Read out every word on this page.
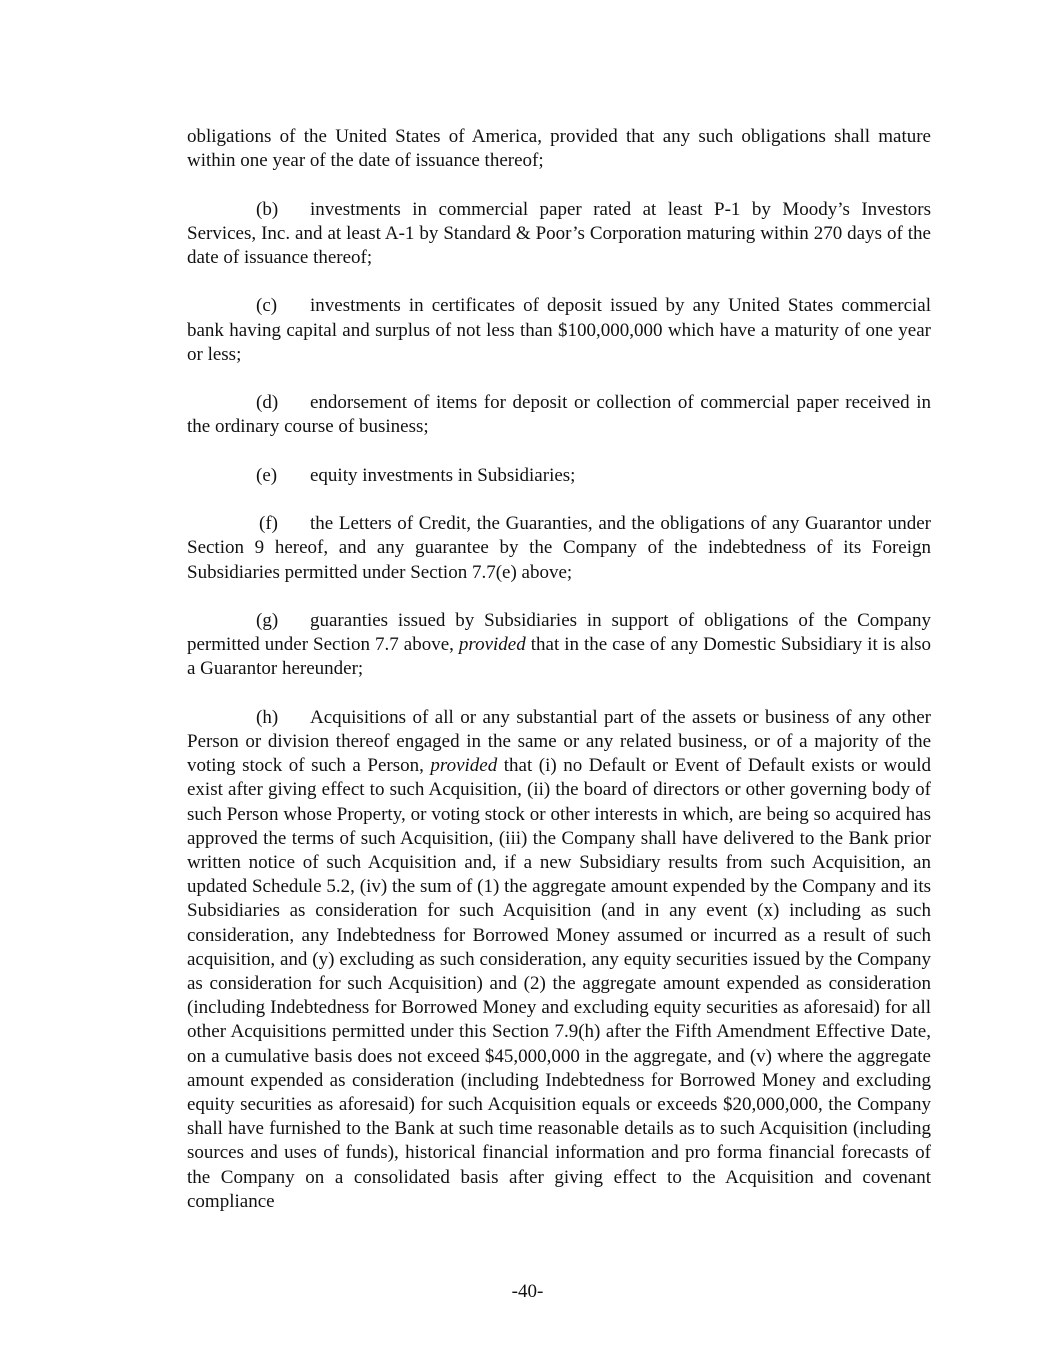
obligations of the United States of America, provided that any such obligations shall mature within one year of the date of issuance thereof;

(b) investments in commercial paper rated at least P-1 by Moody’s Investors Services, Inc. and at least A-1 by Standard & Poor’s Corporation maturing within 270 days of the date of issuance thereof;

(c) investments in certificates of deposit issued by any United States commercial bank having capital and surplus of not less than $100,000,000 which have a maturity of one year or less;

(d) endorsement of items for deposit or collection of commercial paper received in the ordinary course of business;

(e) equity investments in Subsidiaries;

(f) the Letters of Credit, the Guaranties, and the obligations of any Guarantor under Section 9 hereof, and any guarantee by the Company of the indebtedness of its Foreign Subsidiaries permitted under Section 7.7(e) above;

(g) guaranties issued by Subsidiaries in support of obligations of the Company permitted under Section 7.7 above, provided that in the case of any Domestic Subsidiary it is also a Guarantor hereunder;

(h) Acquisitions of all or any substantial part of the assets or business of any other Person or division thereof engaged in the same or any related business, or of a majority of the voting stock of such a Person, provided that (i) no Default or Event of Default exists or would exist after giving effect to such Acquisition, (ii) the board of directors or other governing body of such Person whose Property, or voting stock or other interests in which, are being so acquired has approved the terms of such Acquisition, (iii) the Company shall have delivered to the Bank prior written notice of such Acquisition and, if a new Subsidiary results from such Acquisition, an updated Schedule 5.2, (iv) the sum of (1) the aggregate amount expended by the Company and its Subsidiaries as consideration for such Acquisition (and in any event (x) including as such consideration, any Indebtedness for Borrowed Money assumed or incurred as a result of such acquisition, and (y) excluding as such consideration, any equity securities issued by the Company as consideration for such Acquisition) and (2) the aggregate amount expended as consideration (including Indebtedness for Borrowed Money and excluding equity securities as aforesaid) for all other Acquisitions permitted under this Section 7.9(h) after the Fifth Amendment Effective Date, on a cumulative basis does not exceed $45,000,000 in the aggregate, and (v) where the aggregate amount expended as consideration (including Indebtedness for Borrowed Money and excluding equity securities as aforesaid) for such Acquisition equals or exceeds $20,000,000, the Company shall have furnished to the Bank at such time reasonable details as to such Acquisition (including sources and uses of funds), historical financial information and pro forma financial forecasts of the Company on a consolidated basis after giving effect to the Acquisition and covenant compliance

-40-
